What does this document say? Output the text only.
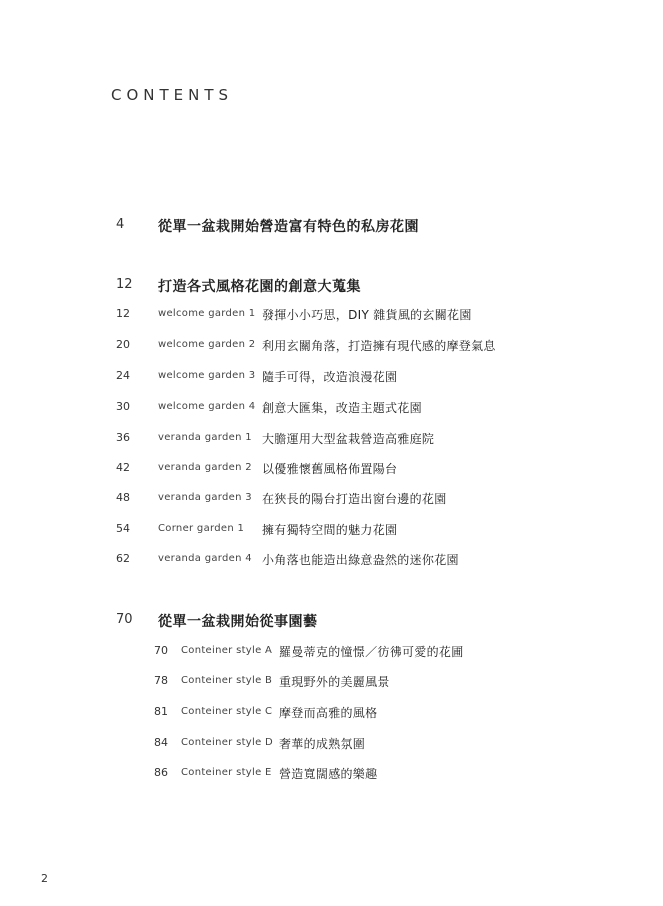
CONTENTS
4 從單一盆栽開始營造富有特色的私房花園
12 打造各式風格花園的創意大蒐集
12	welcome garden 1 發揮小小巧思，DIY 雜貨風的玄關花園
20	welcome garden 2 利用玄關角落，打造擁有現代感的摩登氣息
24	welcome garden 3 隨手可得，改造浪漫花園
30	welcome garden 4 創意大匯集，改造主題式花園
36	veranda garden 1 大膽運用大型盆栽營造高雅庭院
42	veranda garden 2 以優雅懷舊風格佈置陽台
48	veranda garden 3 在狹長的陽台打造出窗台邊的花園
54	Corner garden 1 擁有獨特空間的魅力花園
62	veranda garden 4 小角落也能造出綠意盎然的迷你花園
70 從單一盆栽開始從事園藝
70 Conteiner style A 羅曼蒂克的憧憬／彷彿可愛的花圃
78 Conteiner style B 重現野外的美麗風景
81 Conteiner style C 摩登而高雅的風格
84 Conteiner style D 奢華的成熟氛圍
86 Conteiner style E 營造寬闊感的樂趣
2
